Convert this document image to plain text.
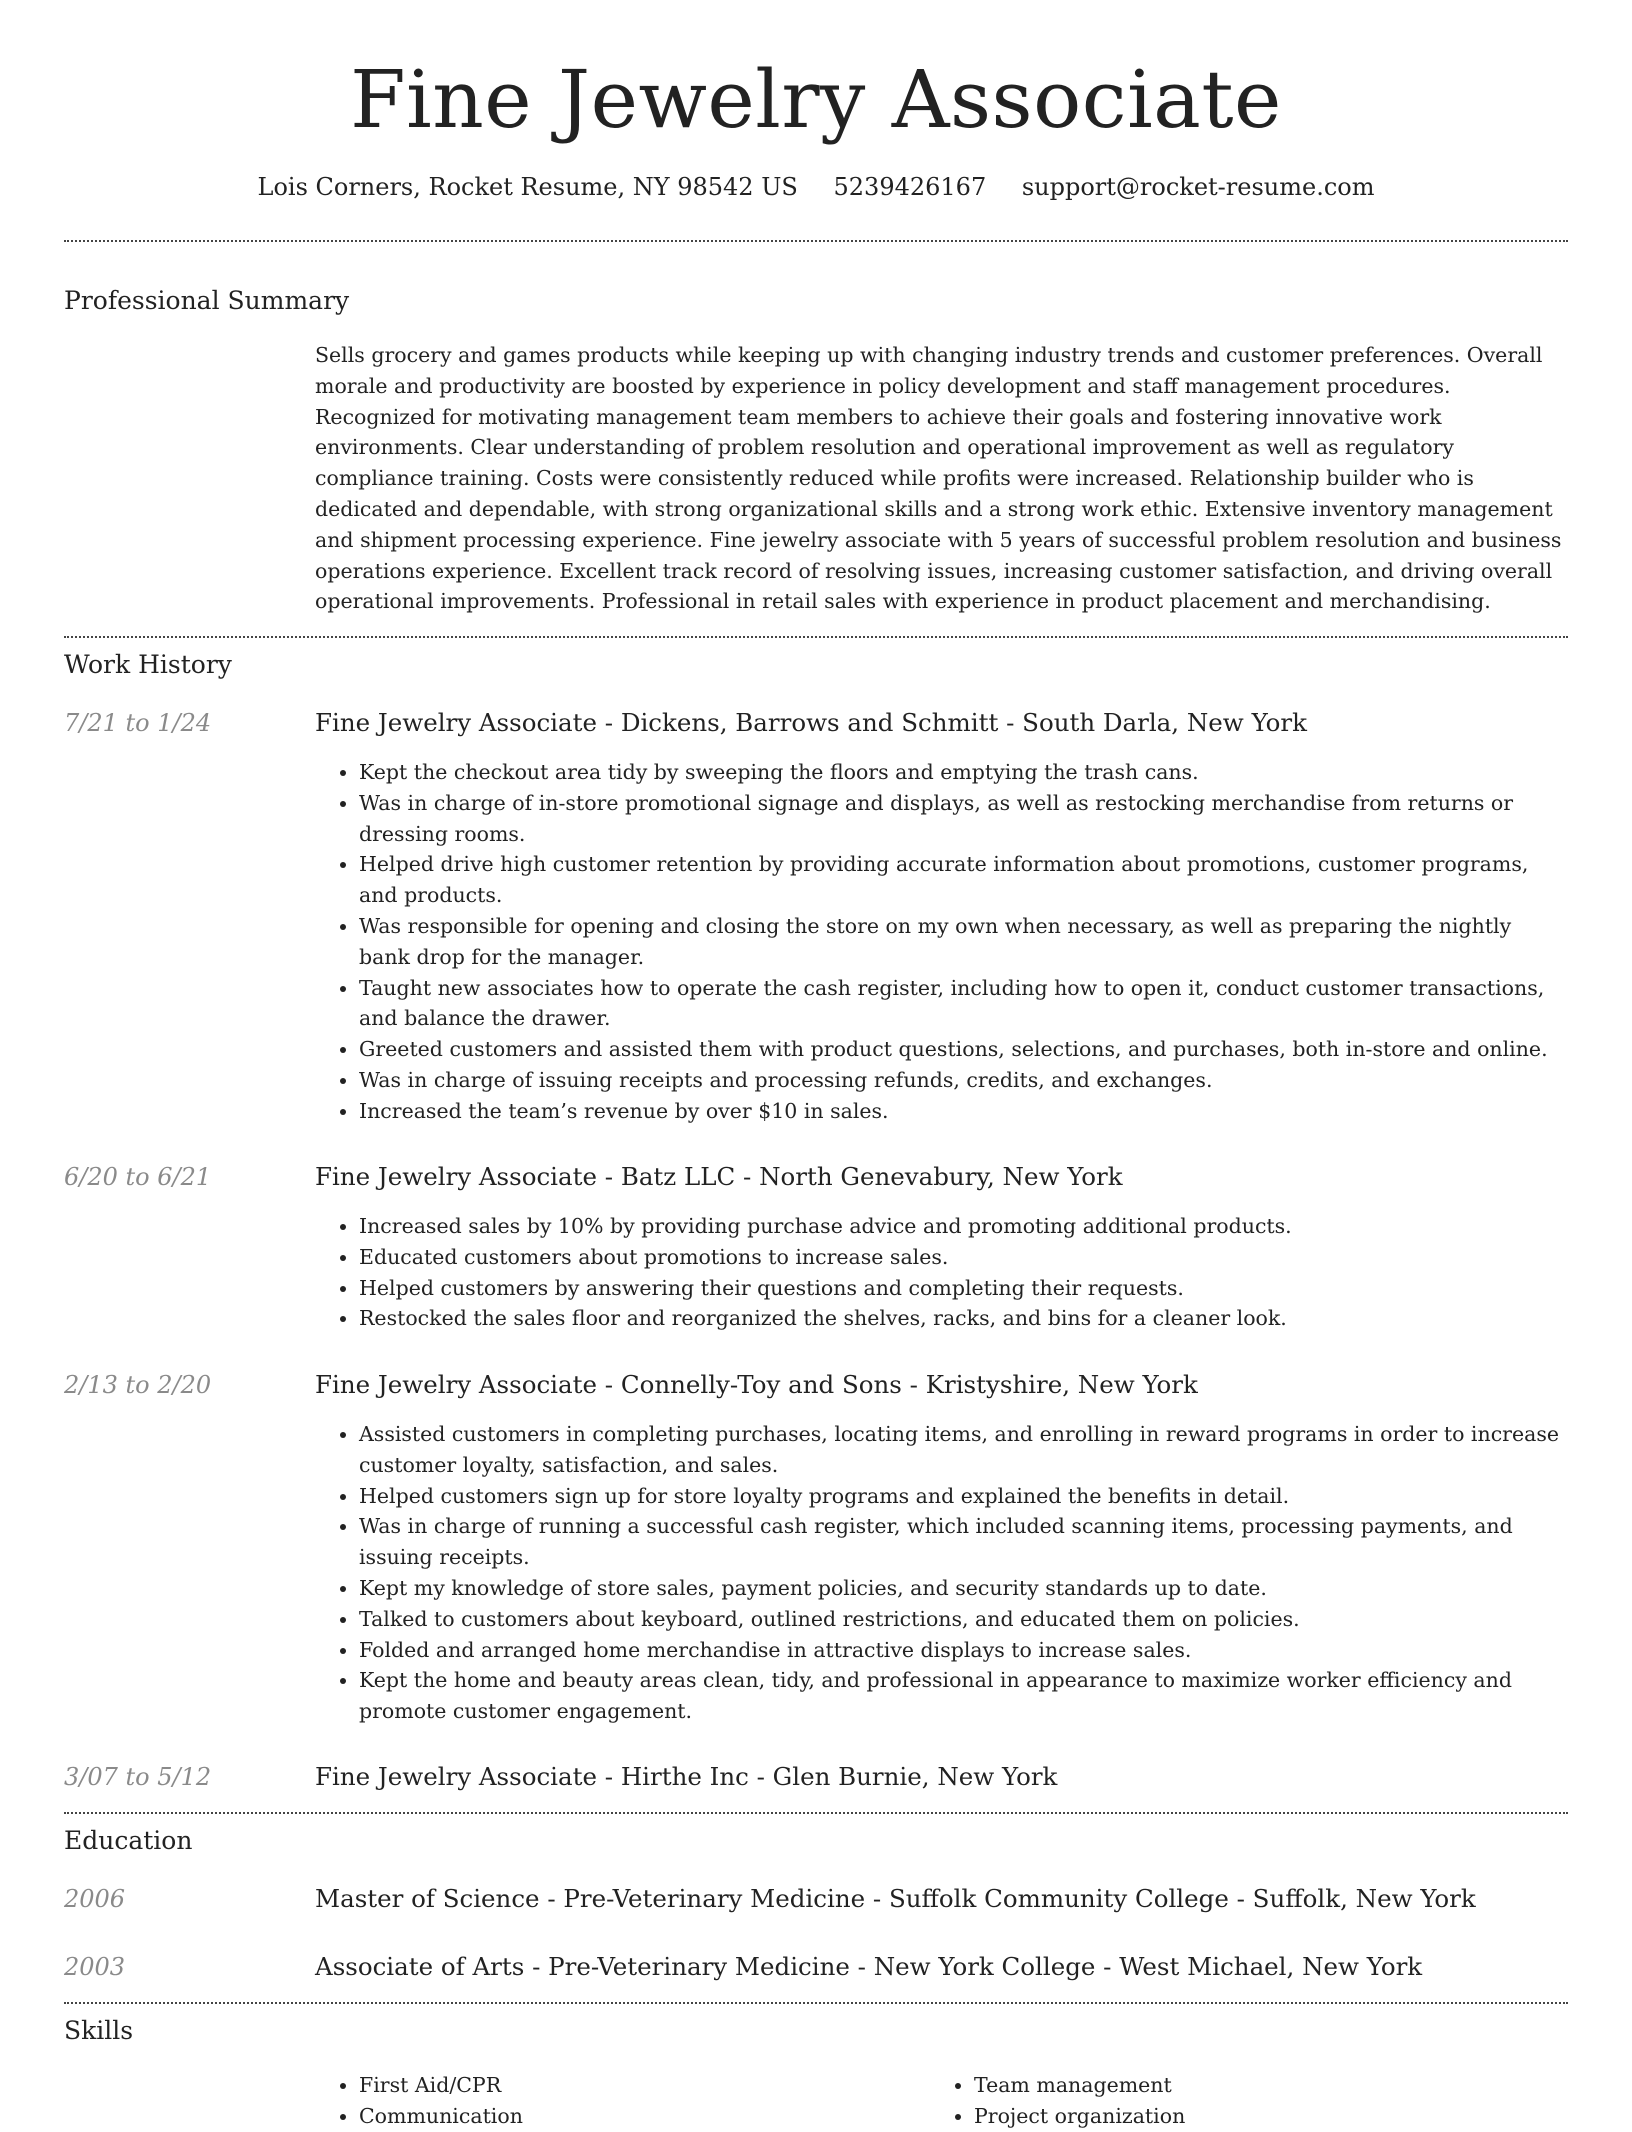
Fine Jewelry Associate
Lois Corners, Rocket Resume, NY 98542 US 5239426167 support@rocket-resume.com
Professional Summary

Sells grocery and games products while keeping up with changing industry trends and customer preferences. Overall morale and productivity are boosted by experience in policy development and staff management procedures. Recognized for motivating management team members to achieve their goals and fostering innovative work environments. Clear understanding of problem resolution and operational improvement as well as regulatory compliance training. Costs were consistently reduced while profits were increased. Relationship builder who is dedicated and dependable, with strong organizational skills and a strong work ethic. Extensive inventory management and shipment processing experience. Fine jewelry associate with 5 years of successful problem resolution and business operations experience. Excellent track record of resolving issues, increasing customer satisfaction, and driving overall operational improvements. Professional in retail sales with experience in product placement and merchandising.

Work History
7/21 to 1/24	Fine Jewelry Associate - Dickens, Barrows and Schmitt - South Darla, New York
• Kept the checkout area tidy by sweeping the floors and emptying the trash cans.
• Was in charge of in-store promotional signage and displays, as well as restocking merchandise from returns or dressing rooms.
• Helped drive high customer retention by providing accurate information about promotions, customer programs, and products.
• Was responsible for opening and closing the store on my own when necessary, as well as preparing the nightly bank drop for the manager.
• Taught new associates how to operate the cash register, including how to open it, conduct customer transactions, and balance the drawer.
• Greeted customers and assisted them with product questions, selections, and purchases, both in-store and online.
• Was in charge of issuing receipts and processing refunds, credits, and exchanges.
• Increased the team’s revenue by over $10 in sales.
6/20 to 6/21	Fine Jewelry Associate - Batz LLC - North Genevabury, New York
• Increased sales by 10% by providing purchase advice and promoting additional products.
• Educated customers about promotions to increase sales.
• Helped customers by answering their questions and completing their requests.
• Restocked the sales floor and reorganized the shelves, racks, and bins for a cleaner look.
2/13 to 2/20	Fine Jewelry Associate - Connelly-Toy and Sons - Kristyshire, New York
• Assisted customers in completing purchases, locating items, and enrolling in reward programs in order to increase customer loyalty, satisfaction, and sales.
• Helped customers sign up for store loyalty programs and explained the benefits in detail.
• Was in charge of running a successful cash register, which included scanning items, processing payments, and issuing receipts.
• Kept my knowledge of store sales, payment policies, and security standards up to date.
• Talked to customers about keyboard, outlined restrictions, and educated them on policies.
• Folded and arranged home merchandise in attractive displays to increase sales.
• Kept the home and beauty areas clean, tidy, and professional in appearance to maximize worker efficiency and promote customer engagement.
3/07 to 5/12	Fine Jewelry Associate - Hirthe Inc - Glen Burnie, New York
Education
2006	Master of Science - Pre-Veterinary Medicine - Suffolk Community College - Suffolk, New York
2003	Associate of Arts - Pre-Veterinary Medicine - New York College - West Michael, New York
Skills
• First Aid/CPR
• Communication
• Team management
• Project organization
